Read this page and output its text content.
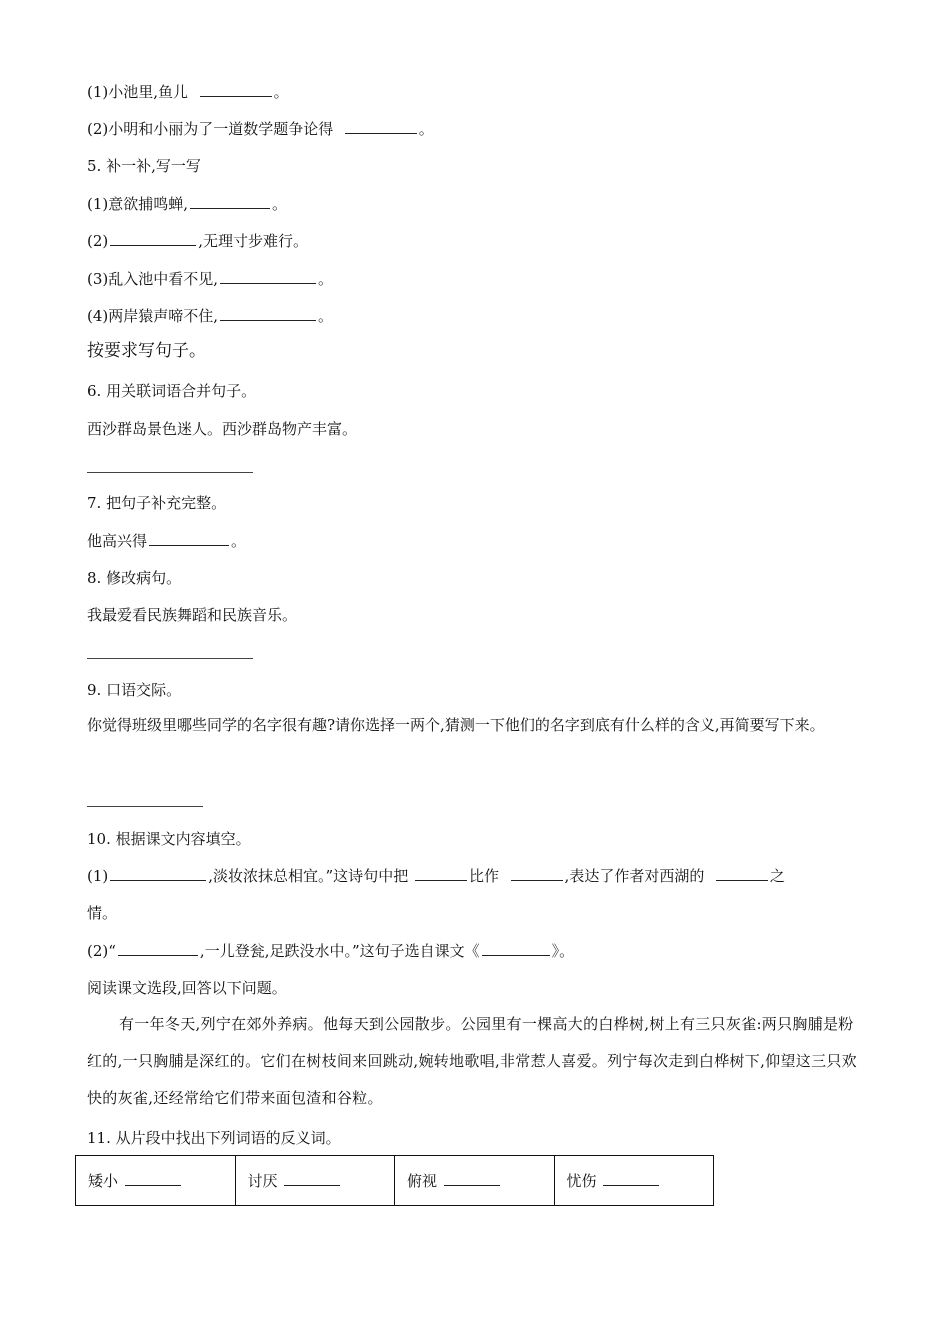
(1)小池里,鱼儿	。
(2)小明和小丽为了一道数学题争论得	。
5. 补一补,写一写
(1)意欲捕鸣蝉,	。
(2)	,无理寸步难行。
(3)乱入池中看不见,	。
(4)两岸猿声啼不住,	。
按要求写句子。
6. 用关联词语合并句子。
西沙群岛景色迷人。西沙群岛物产丰富。
7. 把句子补充完整。
他高兴得	。
8. 修改病句。
我最爱看民族舞蹈和民族音乐。
9. 口语交际。
你觉得班级里哪些同学的名字很有趣?请你选择一两个,猜测一下他们的名字到底有什么样的含义,再简要写下来。
10. 根据课文内容填空。
(1)	,淡妆浓抹总相宜。”这诗句中把	比作	,表达了作者对西湖的	之
情。
(2)“	,一儿登瓮,足跌没水中。”这句子选自课文《	》。
阅读课文选段,回答以下问题。
有一年冬天,列宁在郊外养病。他每天到公园散步。公园里有一棵高大的白桦树,树上有三只灰雀:两只胸脯是粉红的,一只胸脯是深红的。它们在树枝间来回跳动,婉转地歌唱,非常惹人喜爱。列宁每次走到白桦树下,仰望这三只欢快的灰雀,还经常给它们带来面包渣和谷粒。
11. 从片段中找出下列词语的反义词。
矮小	讨厌	俯视	忧伤
